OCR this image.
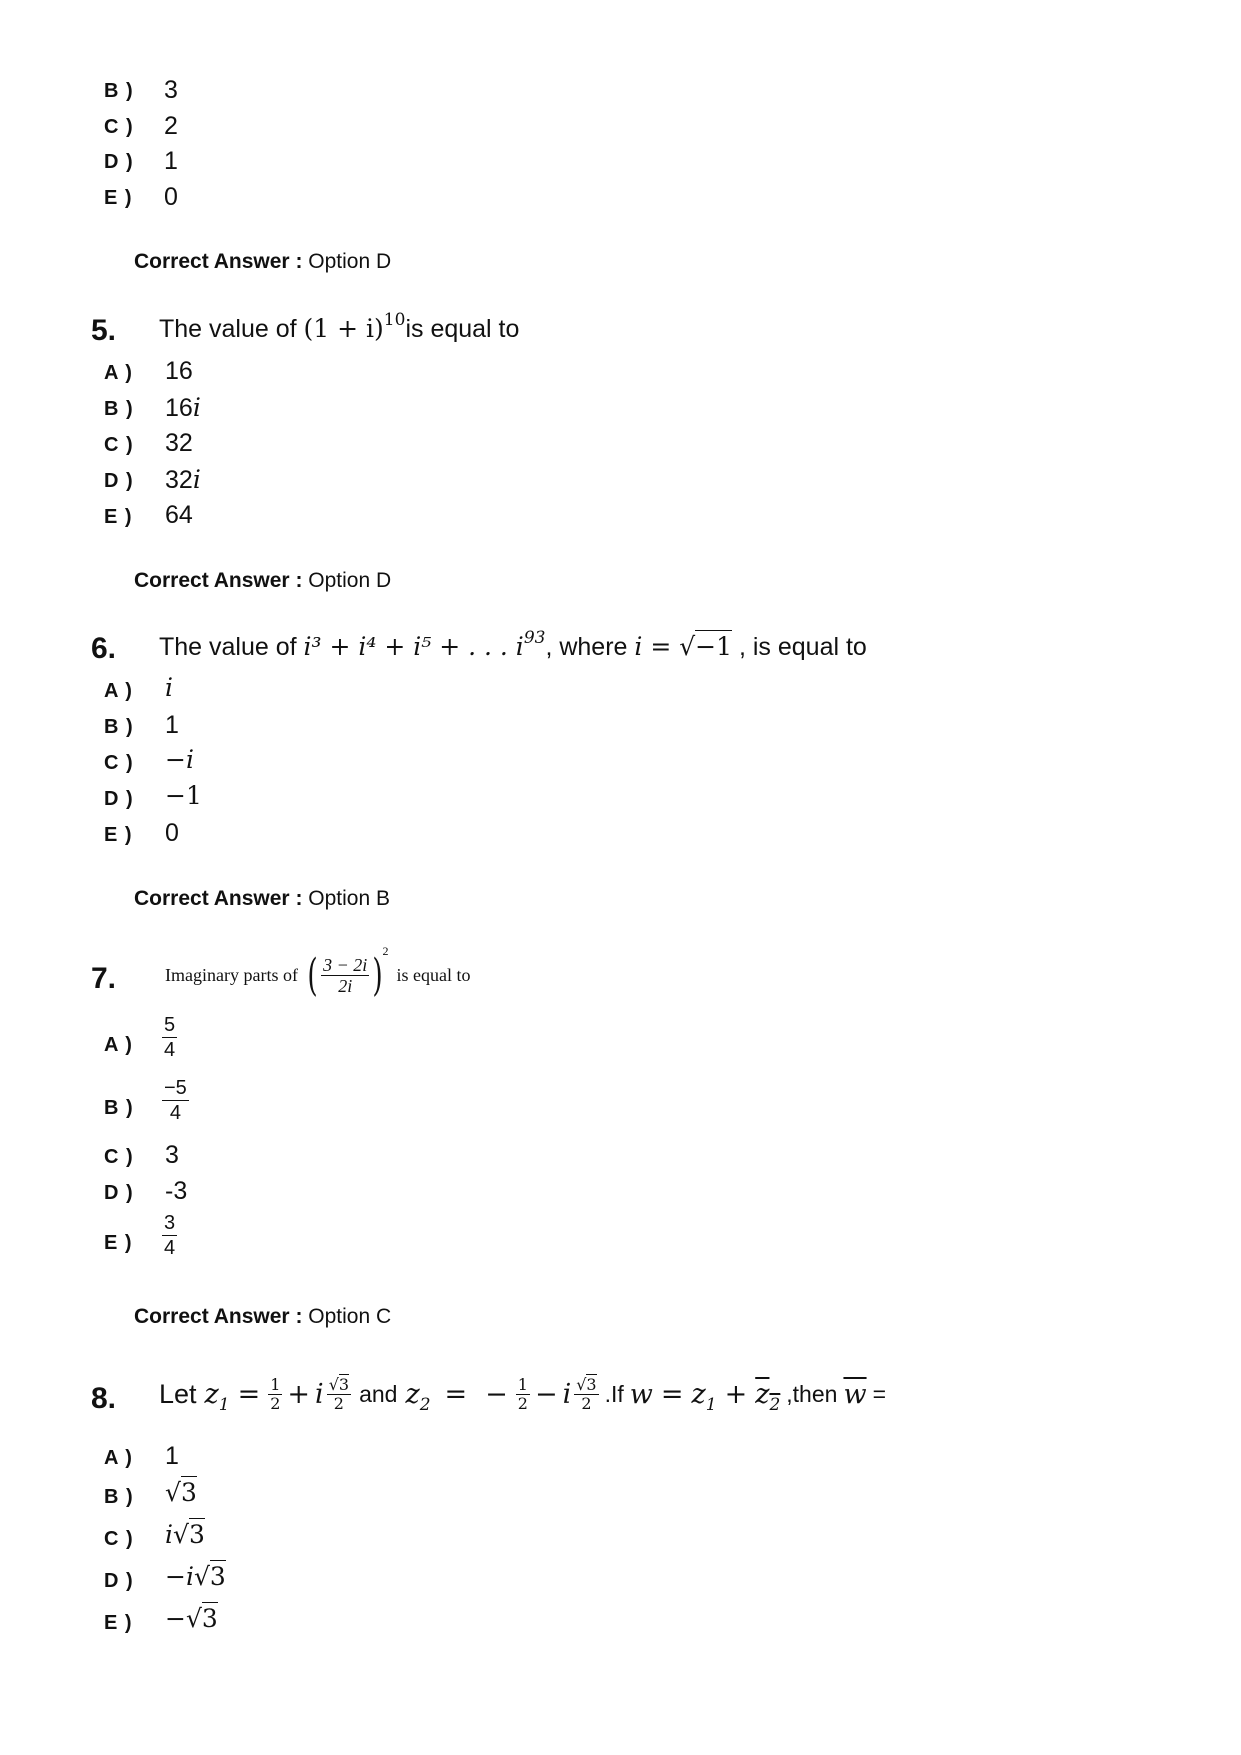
B ) 3
C ) 2
D ) 1
E ) 0
Correct Answer : Option D
5. The value of $(1 + i)^{10}is$ equal to
A ) 16
B ) 16i
C ) 32
D ) 32i
E ) 64
Correct Answer : Option D
6. The value of i³ + i⁴ + i⁵ + . . . $i^{93}$, where i = √−1 , is equal to
A ) i
B ) 1
C ) −i
D ) −1
E ) 0
Correct Answer : Option B
7.	Imaginary parts of ( $\frac{3 - 2i}{2i}$ ) 2
is equal to
A )
5
4
B )
−5
4
C ) 3
D ) -3
E )
3
4
Correct Answer : Option C
8. Let $z_1 = \frac{1}{2} + i \frac{√3}{2}$ and $z_2$ = − $\frac{1}{2} - i \frac{√3}{2} .If$ $w = z_1 + z_2$ ,then $\overline{w}$ =
A ) 1
B ) √3
C ) i√3
D ) −i√3
E ) −√3
